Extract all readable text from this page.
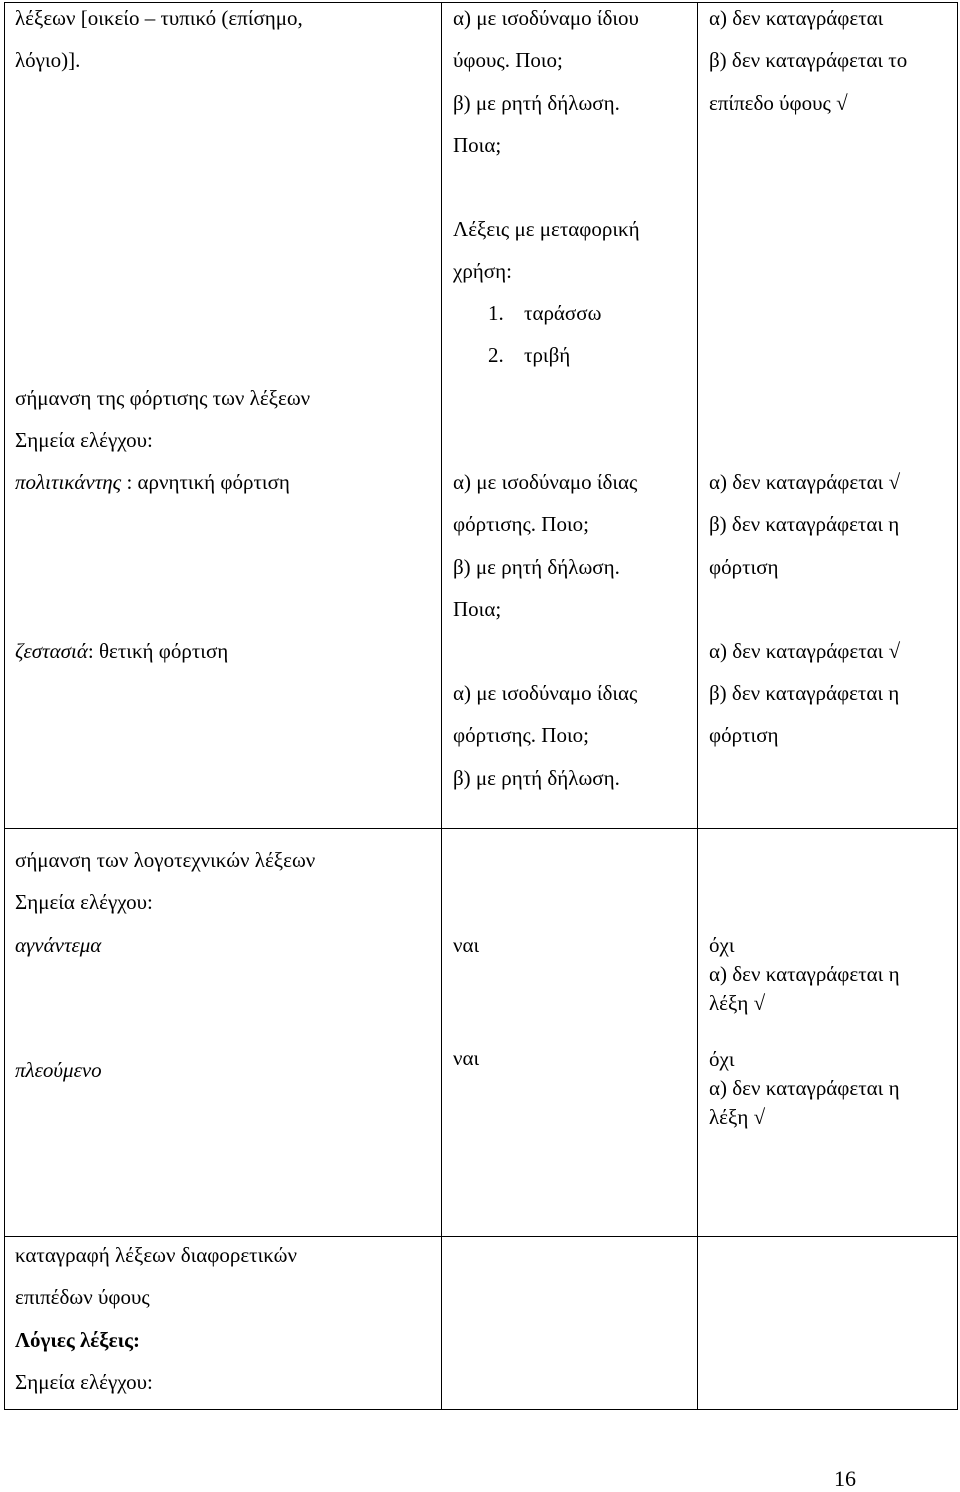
λέξεων [οικείο – τυπικό (επίσημο,
λόγιο)].
α) με ισοδύναμο ίδιου
ύφους. Ποιο;
β) με ρητή δήλωση.
Ποια;
α) δεν καταγράφεται
β) δεν καταγράφεται το
επίπεδο ύφους √
Λέξεις με μεταφορική
χρήση:
1. ταράσσω
2. τριβή
σήμανση της φόρτισης των λέξεων
Σημεία ελέγχου:
πολιτικάντης : αρνητική φόρτιση
ζεστασιά: θετική φόρτιση
α) με ισοδύναμο ίδιας
φόρτισης. Ποιο;
β) με ρητή δήλωση.
Ποια;
α) με ισοδύναμο ίδιας
φόρτισης. Ποιο;
β) με ρητή δήλωση.
α) δεν καταγράφεται √
β) δεν καταγράφεται η
φόρτιση
α) δεν καταγράφεται √
β) δεν καταγράφεται η
φόρτιση
σήμανση των λογοτεχνικών λέξεων
Σημεία ελέγχου:
αγνάντεμα
πλεούμενο
ναι
ναι
όχι
α) δεν καταγράφεται η
λέξη √
όχι
α) δεν καταγράφεται η
λέξη √
καταγραφή λέξεων διαφορετικών
επιπέδων ύφους
Λόγιες λέξεις:
Σημεία ελέγχου:
16
